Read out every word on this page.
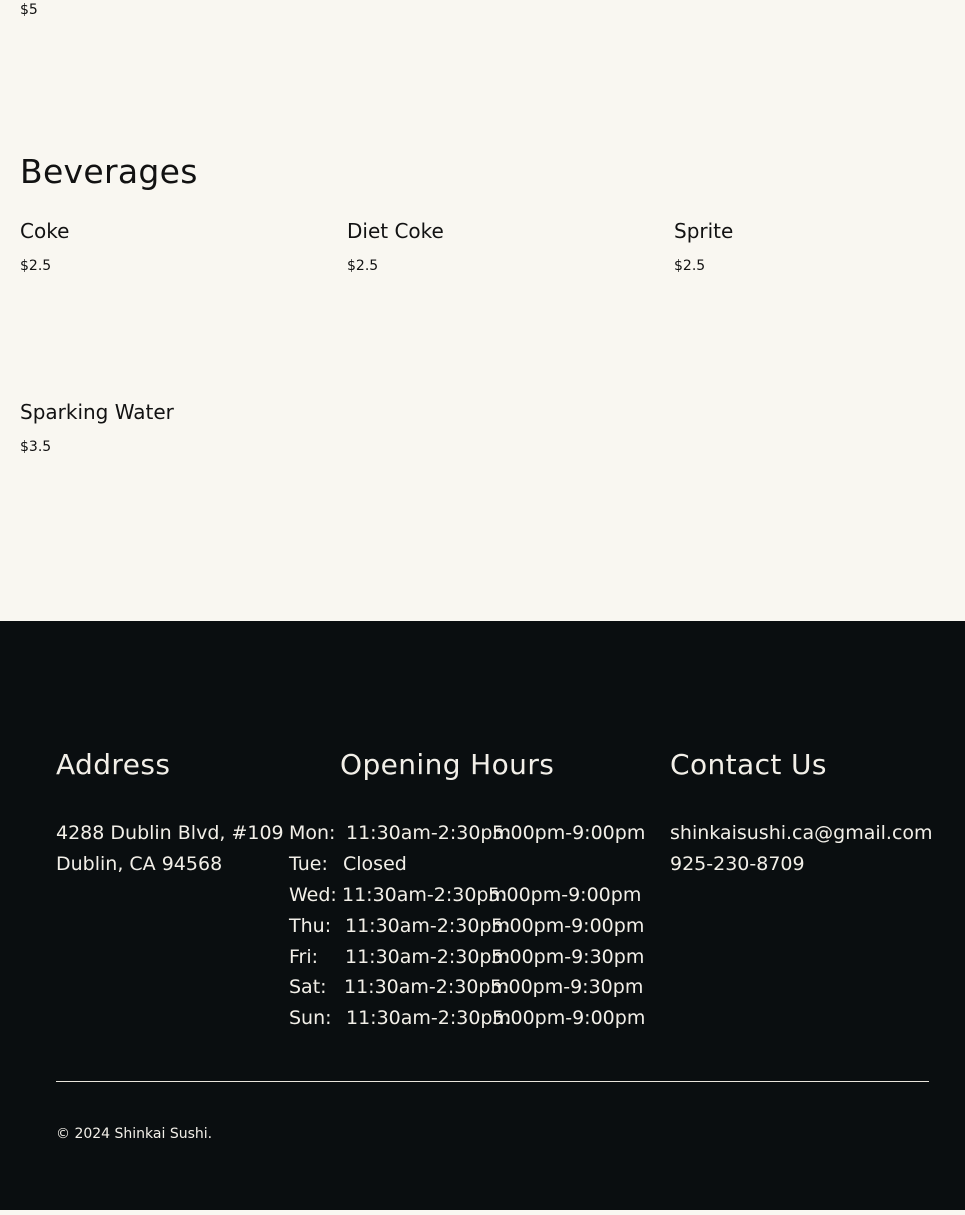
$5
Beverages
Coke
$2.5
Diet Coke
$2.5
Sprite
$2.5
Sparking Water
$3.5
Address
4288 Dublin Blvd, #109
Dublin, CA 94568
Opening Hours
Mon: 11:30am-2:30pm
5:00pm-9:00pm
Tue: Closed
Wed: 11:30am-2:30pm
5:00pm-9:00pm
Thu: 11:30am-2:30pm
5:00pm-9:00pm
Fri: 11:30am-2:30pm
5:00pm-9:30pm
Sat: 11:30am-2:30pm
5:00pm-9:30pm
Sun: 11:30am-2:30pm
5:00pm-9:00pm
Contact Us
shinkaisushi.ca@gmail.com
925-230-8709
© 2024 Shinkai Sushi.
